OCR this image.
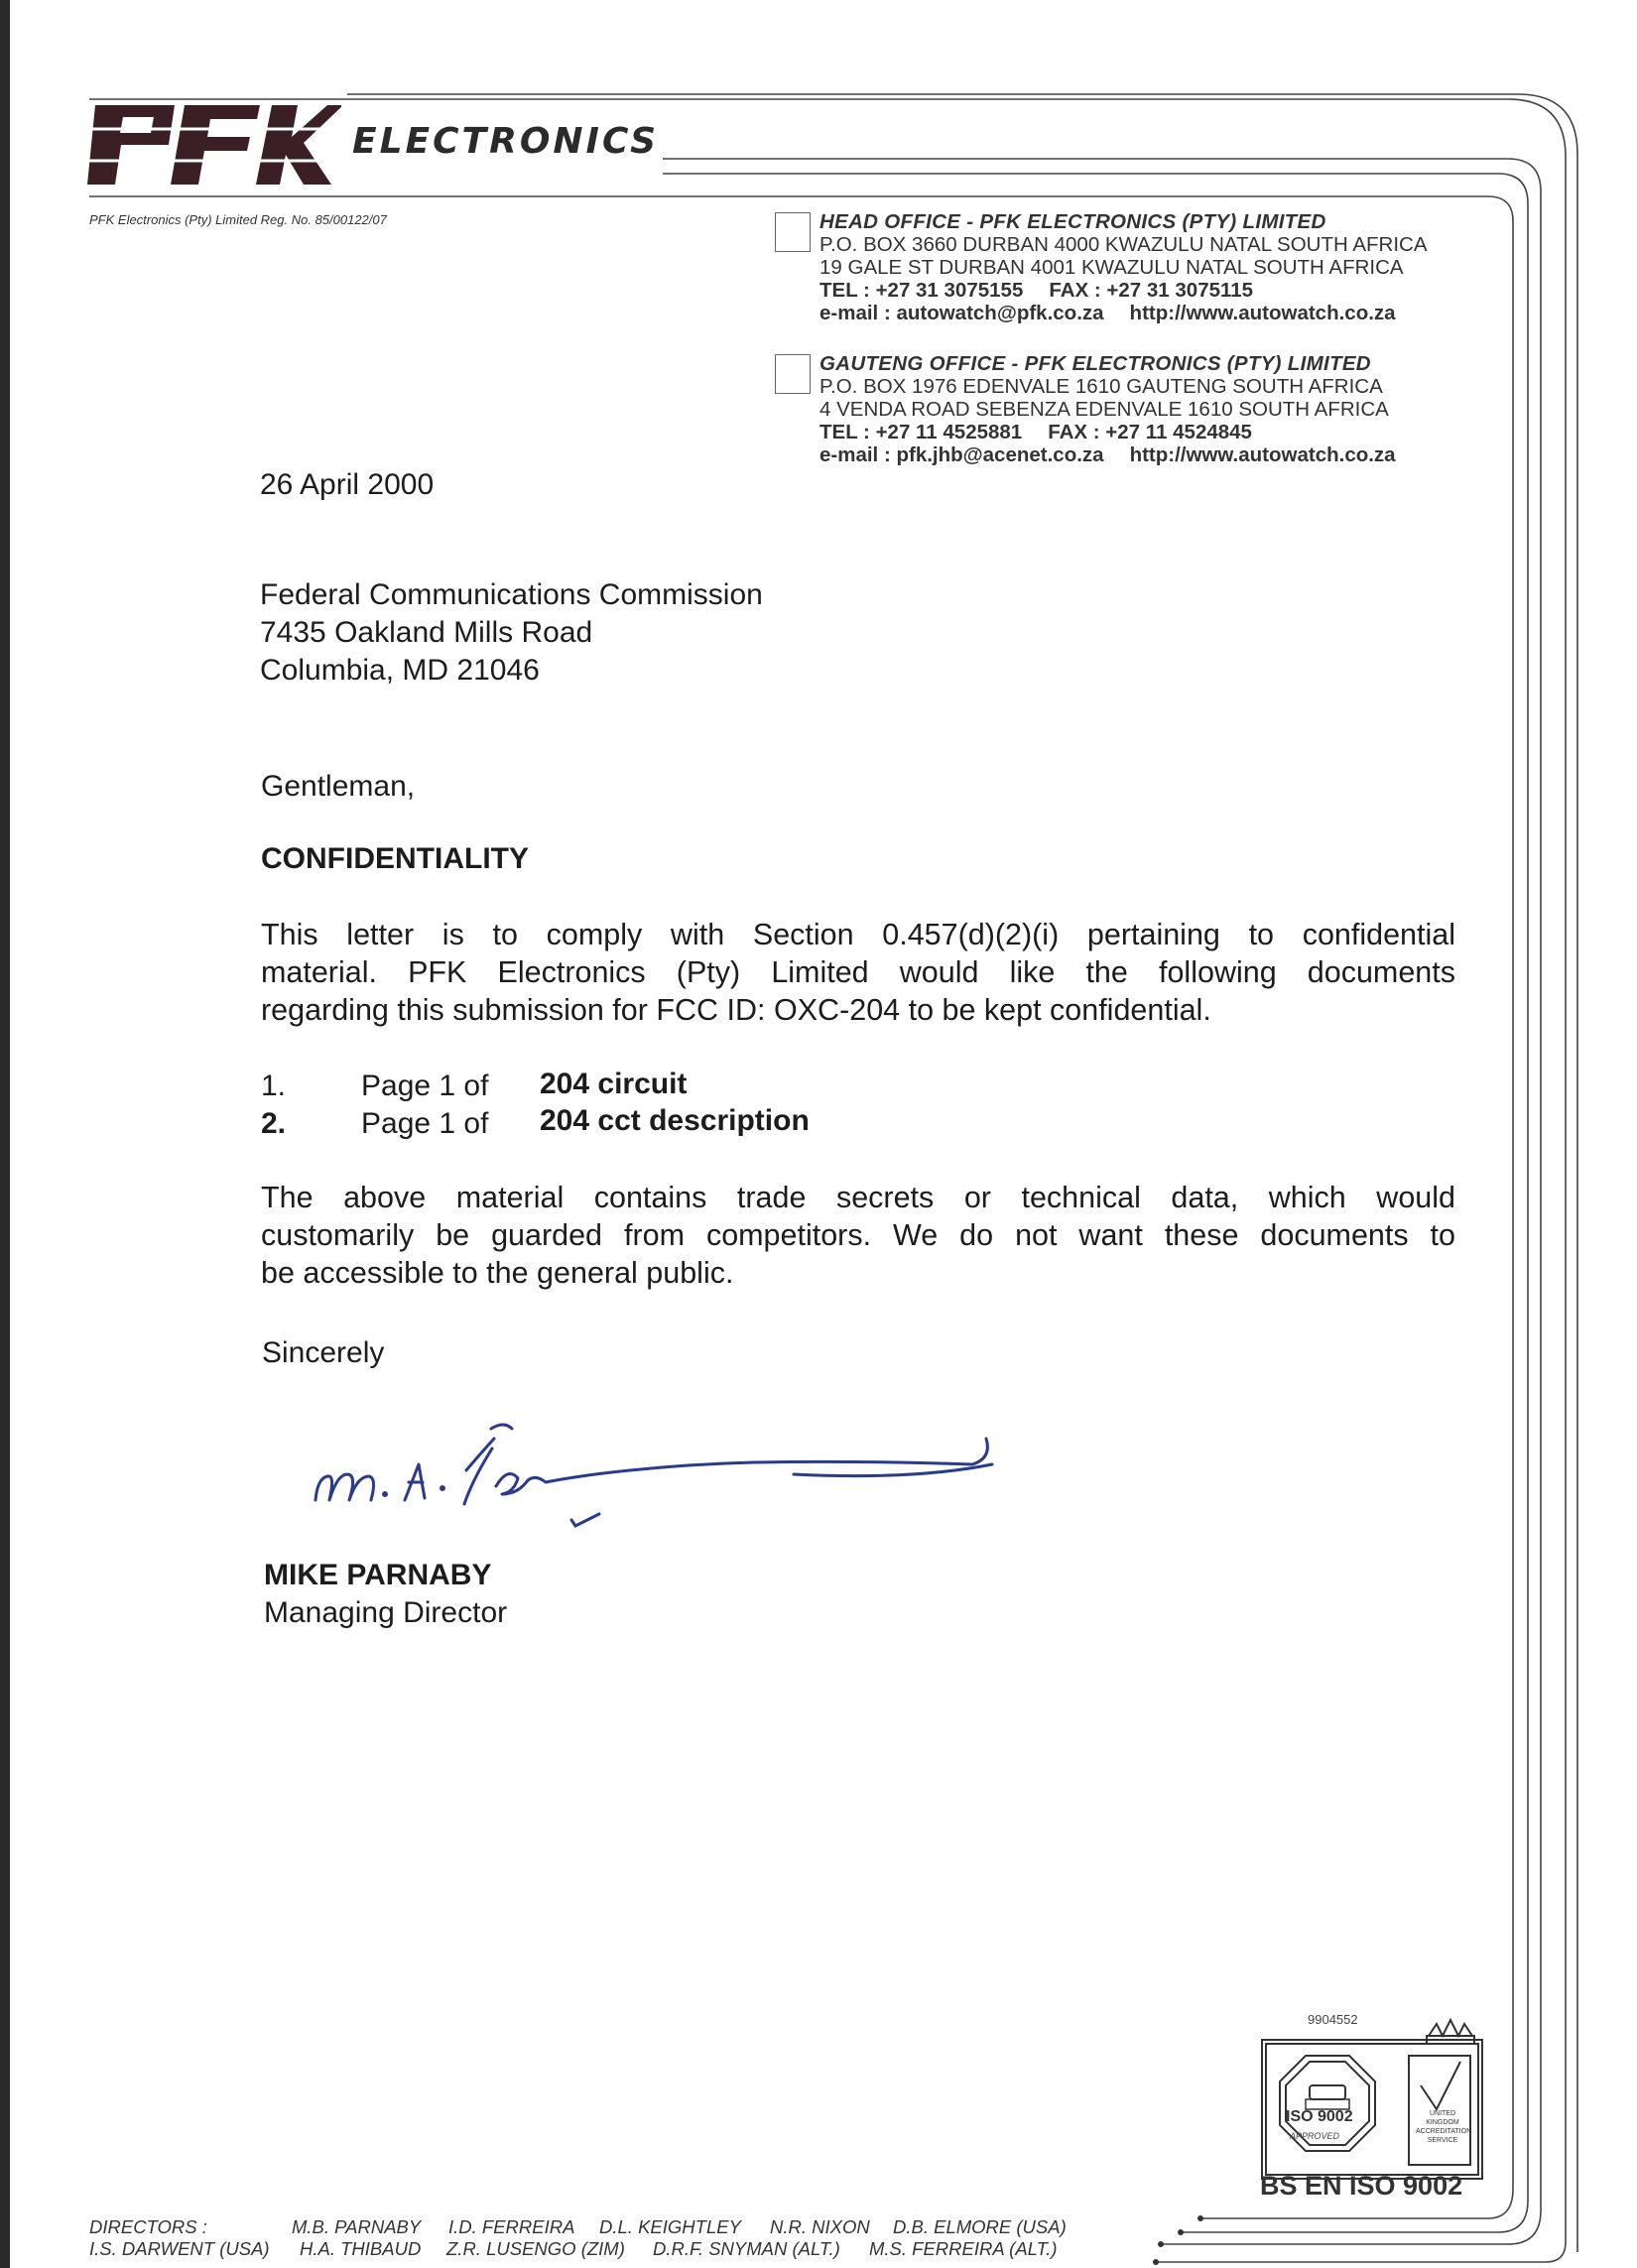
ELECTRONICS
PFK Electronics (Pty) Limited Reg. No. 85/00122/07	HEAD OFFICE - PFK ELECTRONICS (PTY) LIMITED
P.O. BOX 3660 DURBAN 4000 KWAZULU NATAL SOUTH AFRICA
19 GALE ST DURBAN 4001 KWAZULU NATAL SOUTH AFRICA
TEL : +27 31 3075155 FAX : +27 31 3075115
e-mail : autowatch@pfk.co.za http://www.autowatch.co.za
GAUTENG OFFICE - PFK ELECTRONICS (PTY) LIMITED
P.O. BOX 1976 EDENVALE 1610 GAUTENG SOUTH AFRICA
4 VENDA ROAD SEBENZA EDENVALE 1610 SOUTH AFRICA
TEL : +27 11 4525881 FAX : +27 11 4524845
e-mail : pfk.jhb@acenet.co.za http://www.autowatch.co.za
26 April 2000
Federal Communications Commission
7435 Oakland Mills Road
Columbia, MD 21046
Gentleman,
CONFIDENTIALITY
This letter is to comply with Section 0.457(d)(2)(i) pertaining to confidential
material. PFK Electronics (Pty) Limited would like the following documents
regarding this submission for FCC ID: OXC-204 to be kept confidential.
1.	Page 1 of 204 circuit
2.	Page 1 of 204 cct description
The above material contains trade secrets or technical data, which would
customarily be guarded from competitors. We do not want these documents to
be accessible to the general public.
Sincerely
MIKE PARNABY
Managing Director
9904552
ISO 9002
APPROVED
UNITED KINGDOM ACCREDITATION SERVICE
BS EN ISO 9002
DIRECTORS :	M.B. PARNABY I.D. FERREIRA D.L. KEIGHTLEY N.R. NIXON D.B. ELMORE (USA)
I.S. DARWENT (USA) H.A. THIBAUD Z.R. LUSENGO (ZIM) D.R.F. SNYMAN (ALT.) M.S. FERREIRA (ALT.)
